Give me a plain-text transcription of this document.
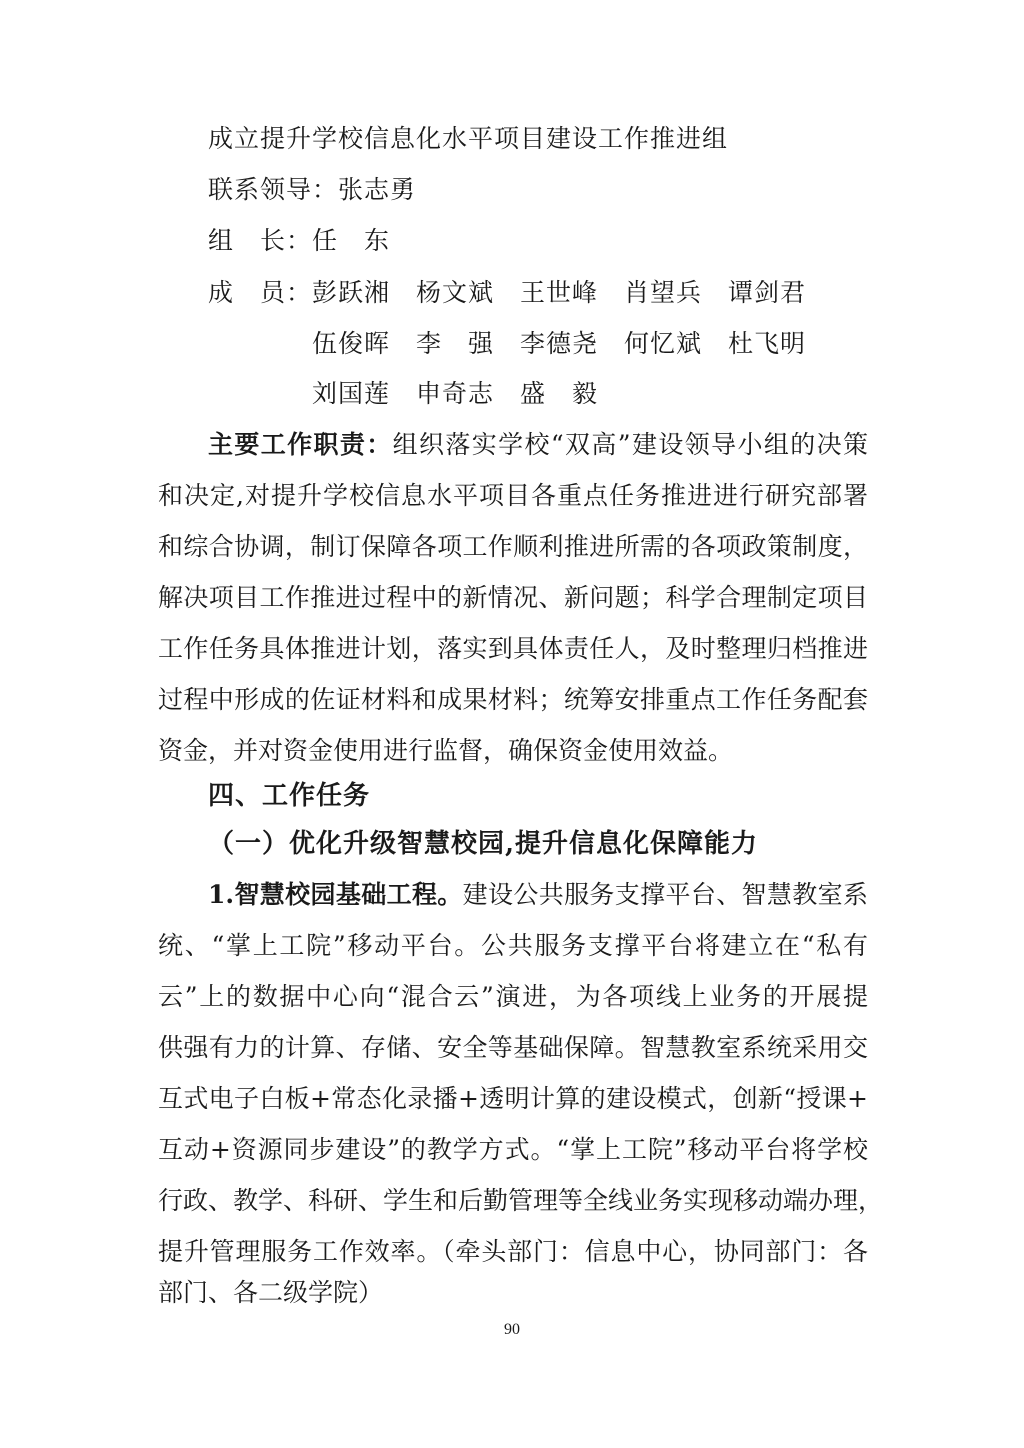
成立提升学校信息化水平项目建设工作推进组
联系领导：张志勇
组　长：任　东
成　员：彭跃湘 杨文斌 王世峰 肖望兵 谭剑君
伍俊晖 李　强 李德尧 何忆斌 杜飞明
刘国莲 申奇志 盛　毅
主要工作职责：组织落实学校“双高”建设领导小组的决策
和决定,对提升学校信息水平项目各重点任务推进进行研究部署
和综合协调，制订保障各项工作顺利推进所需的各项政策制度，
解决项目工作推进过程中的新情况、新问题；科学合理制定项目
工作任务具体推进计划，落实到具体责任人，及时整理归档推进
过程中形成的佐证材料和成果材料；统筹安排重点工作任务配套
资金，并对资金使用进行监督，确保资金使用效益。
四、工作任务
（一）优化升级智慧校园,提升信息化保障能力
1.智慧校园基础工程。建设公共服务支撑平台、智慧教室系
统、“掌上工院”移动平台。公共服务支撑平台将建立在“私有
云”上的数据中心向“混合云”演进，为各项线上业务的开展提
供强有力的计算、存储、安全等基础保障。智慧教室系统采用交
互式电子白板+常态化录播+透明计算的建设模式，创新“授课+
互动+资源同步建设”的教学方式。“掌上工院”移动平台将学校
行政、教学、科研、学生和后勤管理等全线业务实现移动端办理，
提升管理服务工作效率。（牵头部门：信息中心，协同部门：各
部门、各二级学院）
90
